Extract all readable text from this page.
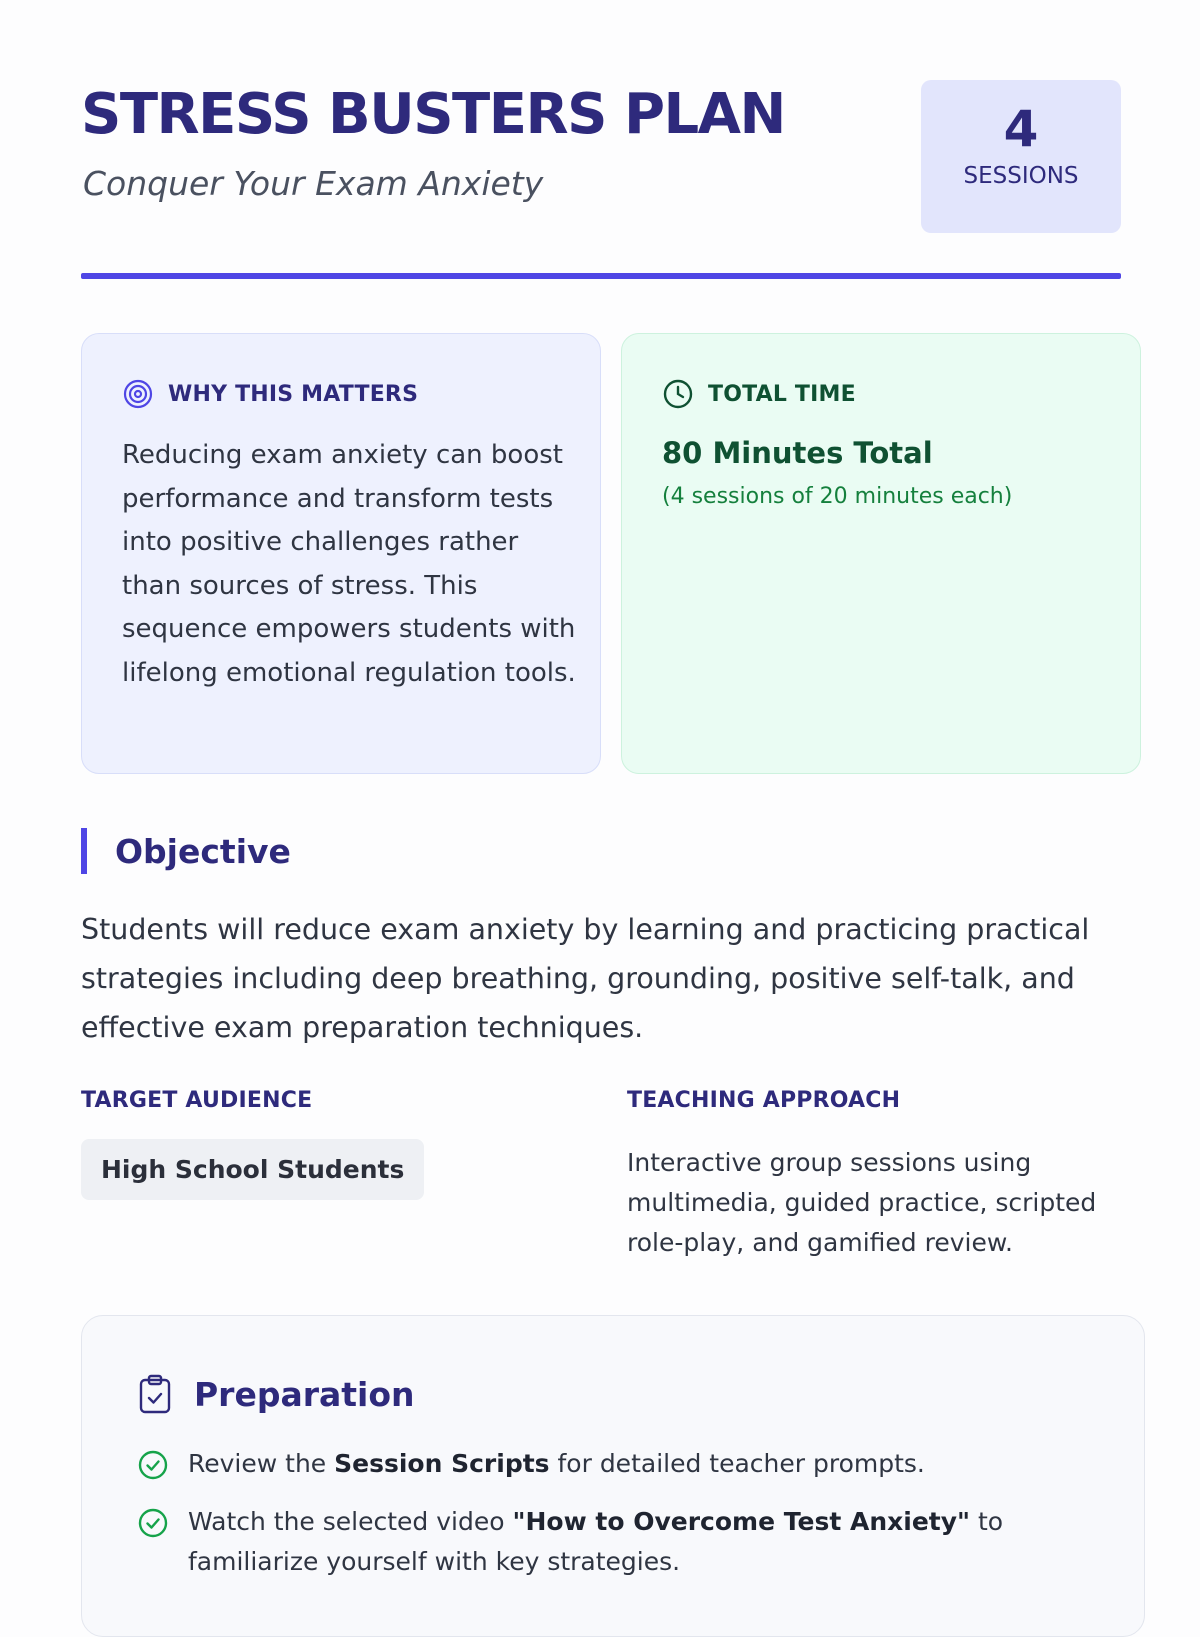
STRESS BUSTERS PLAN

Conquer Your Exam Anxiety

4
SESSIONS
WHY THIS MATTERS

Reducing exam anxiety can boost performance and transform tests into positive challenges rather than sources of stress. This sequence empowers students with lifelong emotional regulation tools.

TOTAL TIME

80 Minutes Total

(4 sessions of 20 minutes each)

Objective

Students will reduce exam anxiety by learning and practicing practical strategies including deep breathing, grounding, positive self-talk, and effective exam preparation techniques.

TARGET AUDIENCE
High School Students
TEACHING APPROACH

Interactive group sessions using multimedia, guided practice, scripted role-play, and gamified review.

Preparation
Review the Session Scripts for detailed teacher prompts.
Watch the selected video "How to Overcome Test Anxiety" to familiarize yourself with key strategies.
